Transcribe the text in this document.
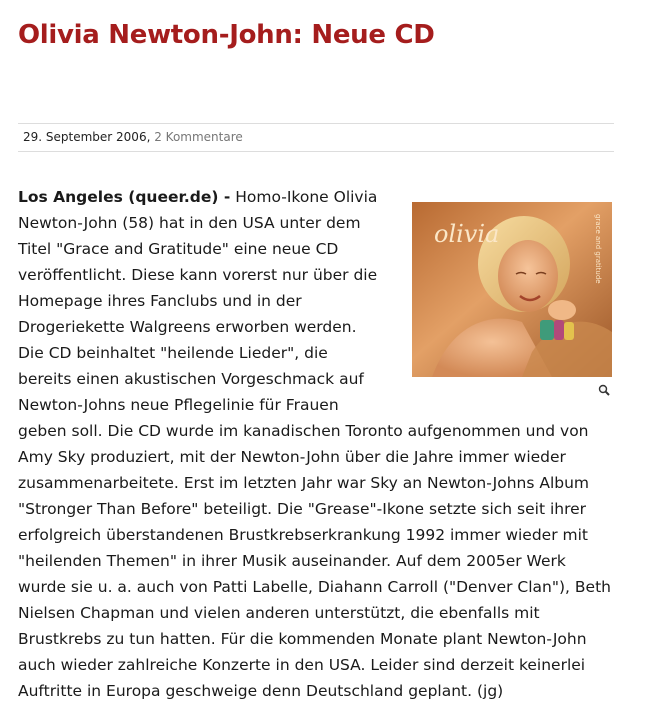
Olivia Newton-John: Neue CD
29. September 2006, 2 Kommentare
olivia	grace and gratitude
Los Angeles (queer.de) - Homo-Ikone Olivia Newton-John (58) hat in den USA unter dem Titel "Grace and Gratitude" eine neue CD veröffentlicht. Diese kann vorerst nur über die Homepage ihres Fanclubs und in der Drogeriekette Walgreens erworben werden. Die CD beinhaltet "heilende Lieder", die bereits einen akustischen Vorgeschmack auf Newton-Johns neue Pflegelinie für Frauen geben soll. Die CD wurde im kanadischen Toronto aufgenommen und von Amy Sky produziert, mit der Newton-John über die Jahre immer wieder zusammenarbeitete. Erst im letzten Jahr war Sky an Newton-Johns Album "Stronger Than Before" beteiligt. Die "Grease"-Ikone setzte sich seit ihrer erfolgreich überstandenen Brustkrebserkrankung 1992 immer wieder mit "heilenden Themen" in ihrer Musik auseinander. Auf dem 2005er Werk wurde sie u. a. auch von Patti Labelle, Diahann Carroll ("Denver Clan"), Beth Nielsen Chapman und vielen anderen unterstützt, die ebenfalls mit Brustkrebs zu tun hatten. Für die kommenden Monate plant Newton-John auch wieder zahlreiche Konzerte in den USA. Leider sind derzeit keinerlei Auftritte in Europa geschweige denn Deutschland geplant. (jg)
